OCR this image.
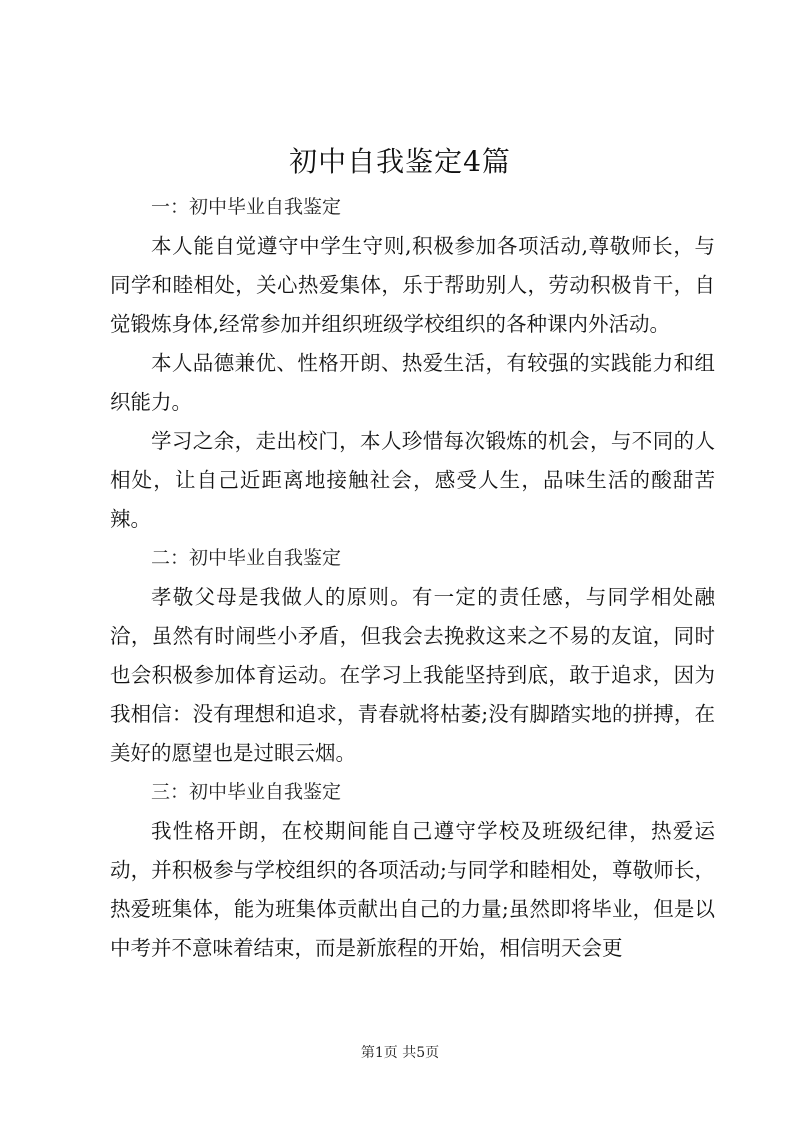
初中自我鉴定4篇

一：初中毕业自我鉴定

本人能自觉遵守中学生守则,积极参加各项活动,尊敬师长，与同学和睦相处，关心热爱集体，乐于帮助别人，劳动积极肯干，自觉锻炼身体,经常参加并组织班级学校组织的各种课内外活动。

本人品德兼优、性格开朗、热爱生活，有较强的实践能力和组织能力。

学习之余，走出校门，本人珍惜每次锻炼的机会，与不同的人相处，让自己近距离地接触社会，感受人生，品味生活的酸甜苦辣。

二：初中毕业自我鉴定

孝敬父母是我做人的原则。有一定的责任感，与同学相处融洽，虽然有时闹些小矛盾，但我会去挽救这来之不易的友谊，同时也会积极参加体育运动。在学习上我能坚持到底，敢于追求，因为我相信：没有理想和追求，青春就将枯萎;没有脚踏实地的拼搏，在美好的愿望也是过眼云烟。

三：初中毕业自我鉴定

我性格开朗，在校期间能自己遵守学校及班级纪律，热爱运动，并积极参与学校组织的各项活动;与同学和睦相处，尊敬师长，热爱班集体，能为班集体贡献出自己的力量;虽然即将毕业，但是以中考并不意味着结束，而是新旅程的开始，相信明天会更

第1页 共5页
